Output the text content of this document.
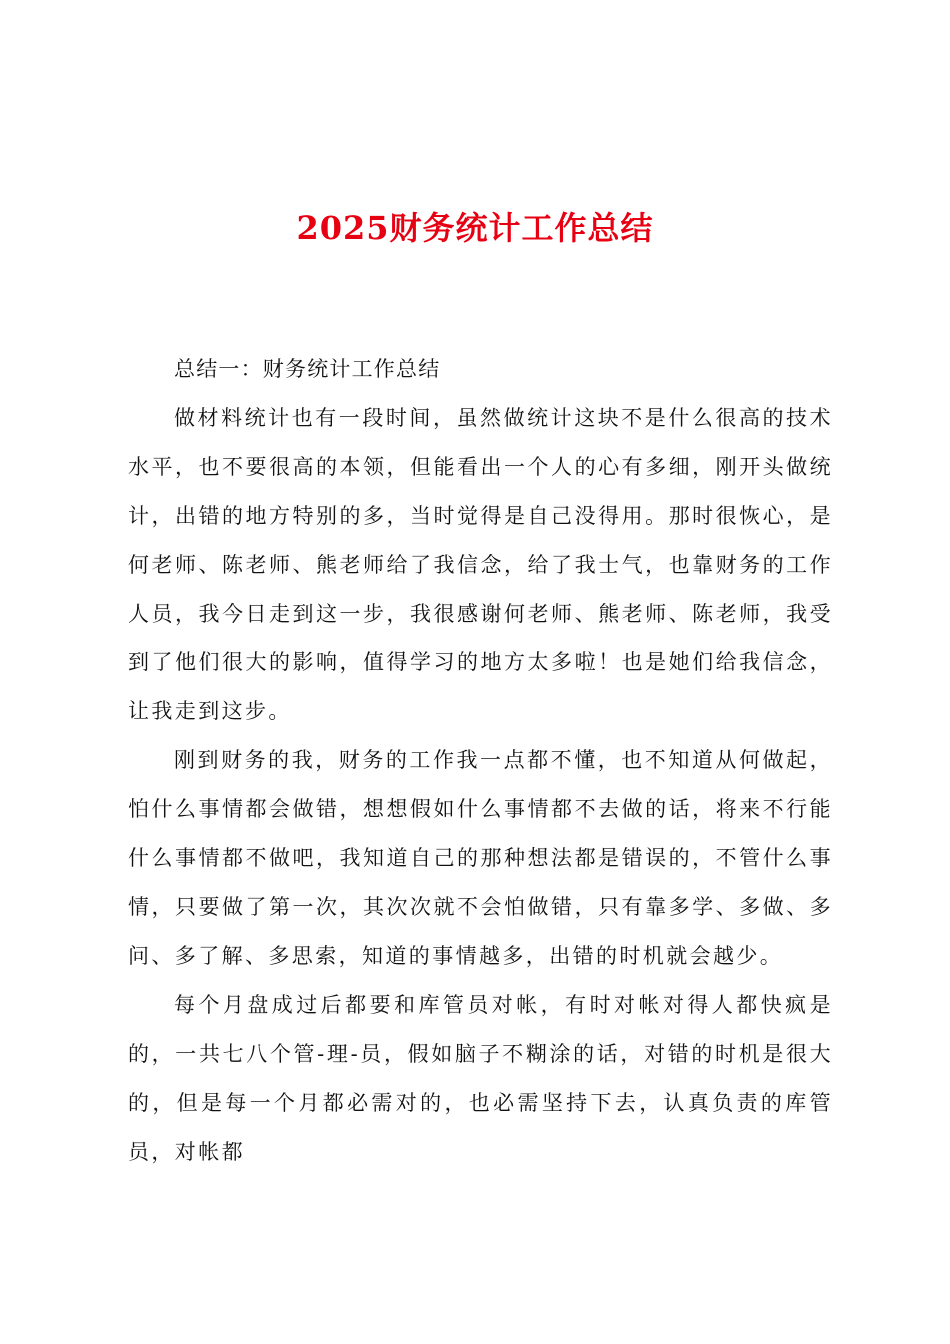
2025财务统计工作总结

总结一：财务统计工作总结

做材料统计也有一段时间，虽然做统计这块不是什么很高的技术水平，也不要很高的本领，但能看出一个人的心有多细，刚开头做统计，出错的地方特别的多，当时觉得是自己没得用。那时很恢心，是何老师、陈老师、熊老师给了我信念，给了我士气，也靠财务的工作人员，我今日走到这一步，我很感谢何老师、熊老师、陈老师，我受到了他们很大的影响，值得学习的地方太多啦！也是她们给我信念，让我走到这步。

刚到财务的我，财务的工作我一点都不懂，也不知道从何做起，怕什么事情都会做错，想想假如什么事情都不去做的话，将来不行能什么事情都不做吧，我知道自己的那种想法都是错误的，不管什么事情，只要做了第一次，其次次就不会怕做错，只有靠多学、多做、多问、多了解、多思索，知道的事情越多，出错的时机就会越少。

每个月盘成过后都要和库管员对帐，有时对帐对得人都快疯是的，一共七八个管-理-员，假如脑子不糊涂的话，对错的时机是很大的，但是每一个月都必需对的，也必需坚持下去，认真负责的库管员，对帐都
